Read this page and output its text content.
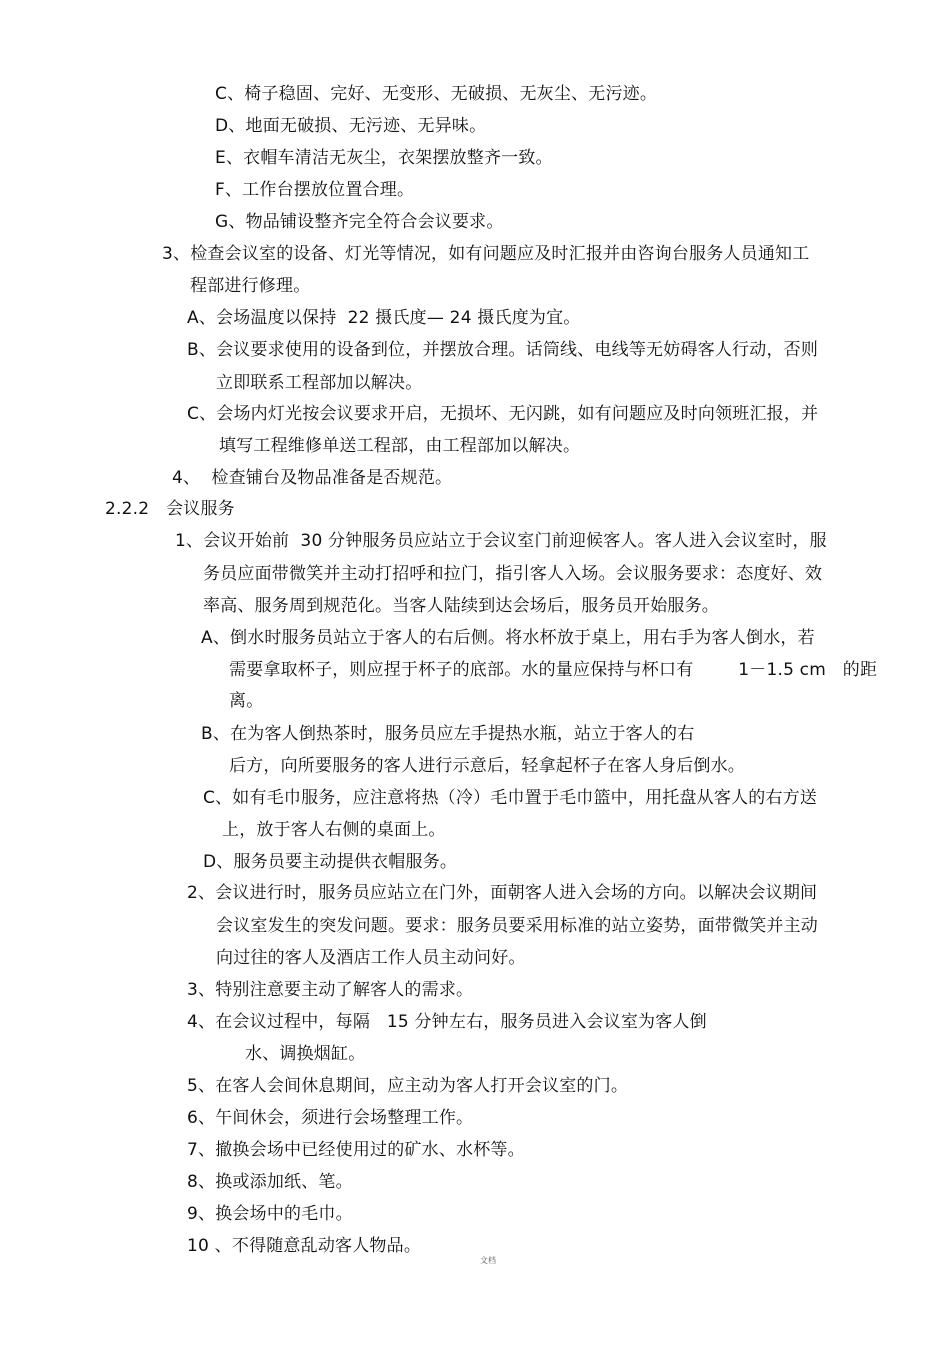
C、椅子稳固、完好、无变形、无破损、无灰尘、无污迹。
D、地面无破损、无污迹、无异味。
E、衣帽车清洁无灰尘，衣架摆放整齐一致。
F、工作台摆放位置合理。
G、物品铺设整齐完全符合会议要求。
3、检查会议室的设备、灯光等情况，如有问题应及时汇报并由咨询台服务人员通知工
程部进行修理。
A、会场温度以保持  22 摄氏度— 24 摄氏度为宜。
B、会议要求使用的设备到位，并摆放合理。话筒线、电线等无妨碍客人行动，否则
立即联系工程部加以解决。
C、会场内灯光按会议要求开启，无损坏、无闪跳，如有问题应及时向领班汇报，并
填写工程维修单送工程部，由工程部加以解决。
4、  检查铺台及物品准备是否规范。
2.2.2   会议服务
1、会议开始前  30 分钟服务员应站立于会议室门前迎候客人。客人进入会议室时，服
务员应面带微笑并主动打招呼和拉门，指引客人入场。会议服务要求：态度好、效
率高、服务周到规范化。当客人陆续到达会场后，服务员开始服务。
A、倒水时服务员站立于客人的右后侧。将水杯放于桌上，用右手为客人倒水，若
需要拿取杯子，则应捏于杯子的底部。水的量应保持与杯口有        1－1.5 cm   的距
离。
B、在为客人倒热茶时，服务员应左手提热水瓶，站立于客人的右
后方，向所要服务的客人进行示意后，轻拿起杯子在客人身后倒水。
C、如有毛巾服务，应注意将热（冷）毛巾置于毛巾篮中，用托盘从客人的右方送
上，放于客人右侧的桌面上。
D、服务员要主动提供衣帽服务。
2、会议进行时，服务员应站立在门外，面朝客人进入会场的方向。以解决会议期间
会议室发生的突发问题。要求：服务员要采用标准的站立姿势，面带微笑并主动
向过往的客人及酒店工作人员主动问好。
3、特别注意要主动了解客人的需求。
4、在会议过程中，每隔   15 分钟左右，服务员进入会议室为客人倒
水、调换烟缸。
5、在客人会间休息期间，应主动为客人打开会议室的门。
6、午间休会，须进行会场整理工作。
7、撤换会场中已经使用过的矿水、水杯等。
8、换或添加纸、笔。
9、换会场中的毛巾。
10 、不得随意乱动客人物品。
文档
